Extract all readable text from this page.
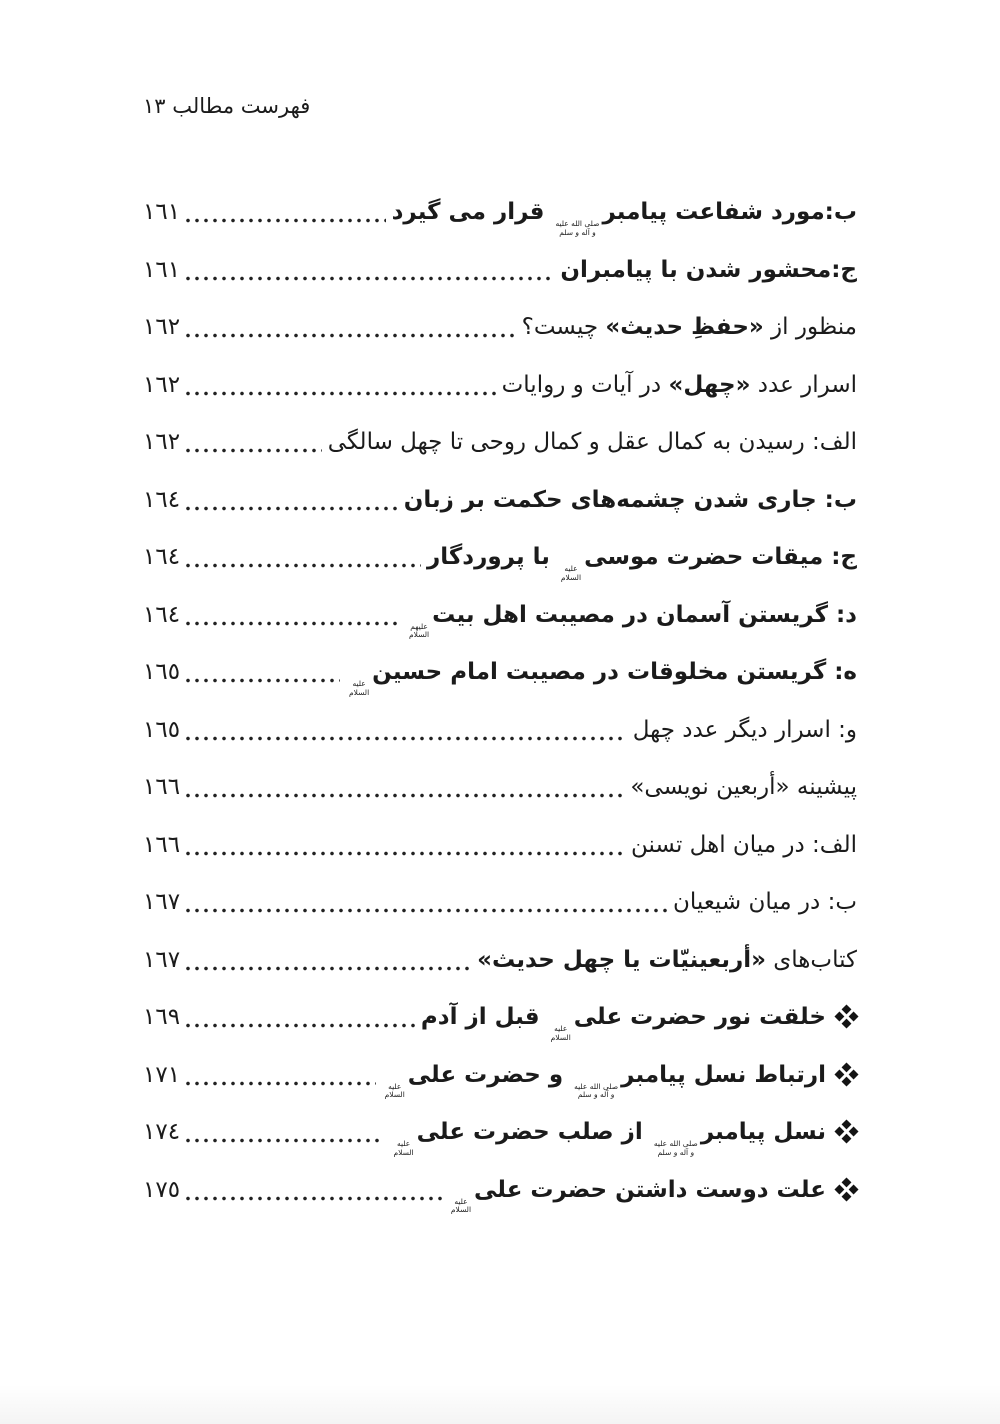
فهرست مطالب ۱۳
ب:مورد شفاعت پیامبر
صلی الله علیه
و آله و سلم
قرار می گیرد
١٦١
ج:محشور شدن با پیامبران
١٦١
منظور از «حفظِ حدیث» چیست؟
١٦٢
اسرار عدد «چهل» در آیات و روایات
١٦٢
الف: رسیدن به کمال عقل و کمال روحی تا چهل سالگی
١٦٢
ب: جاری شدن چشمه‌های حکمت بر زبان
١٦٤
ج: میقات حضرت موسی
علیه
السلام
با پروردگار
١٦٤
د: گریستن آسمان در مصیبت اهل بیت
علیهم
السلام
١٦٤
ه: گریستن مخلوقات در مصیبت امام حسین
علیه
السلام
١٦٥
و: اسرار دیگر عدد چهل
١٦٥
پیشینه «أربعین نویسی»
١٦٦
الف: در میان اهل تسنن
١٦٦
ب: در میان شیعیان
١٦٧
کتاب‌های «أربعینیّات یا چهل حدیث»
١٦٧
خلقت نور حضرت علی
علیه
السلام
قبل از آدم
١٦٩
ارتباط نسل پیامبر
صلی الله علیه
و آله و سلم
و حضرت علی
علیه
السلام
١٧١
نسل پیامبر
صلی الله علیه
و آله و سلم
از صلب حضرت علی
علیه
السلام
١٧٤
علت دوست داشتن حضرت علی
علیه
السلام
١٧٥
